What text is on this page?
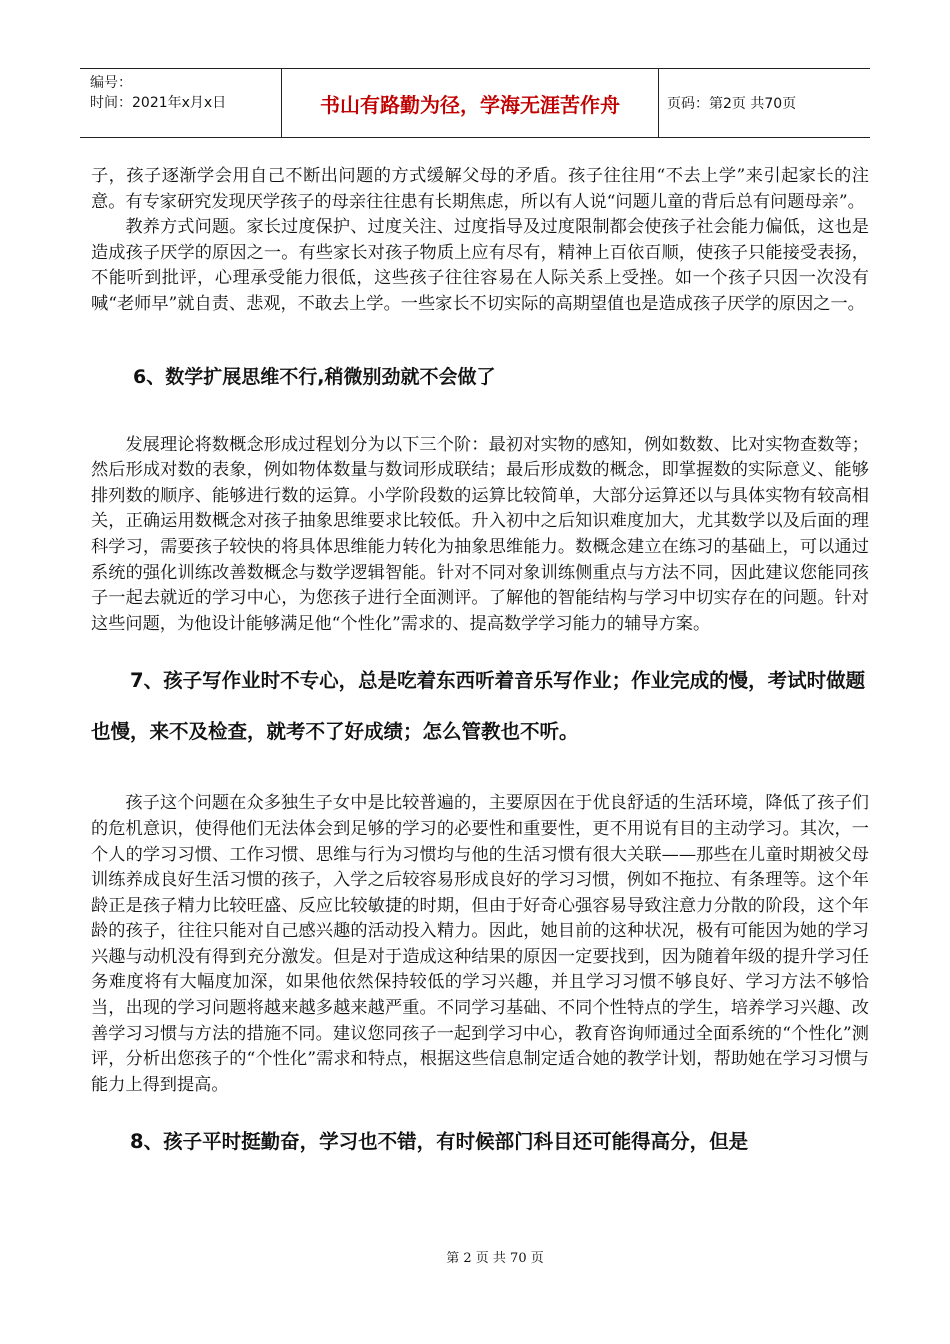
编号：
时间：2021年x月x日	书山有路勤为径，学海无涯苦作舟	页码：第2页 共70页

子，孩子逐渐学会用自己不断出问题的方式缓解父母的矛盾。孩子往往用“不去上学”来引起家长的注意。有专家研究发现厌学孩子的母亲往往患有长期焦虑，所以有人说“问题儿童的背后总有问题母亲”。

教养方式问题。家长过度保护、过度关注、过度指导及过度限制都会使孩子社会能力偏低，这也是造成孩子厌学的原因之一。有些家长对孩子物质上应有尽有，精神上百依百顺，使孩子只能接受表扬，不能听到批评，心理承受能力很低，这些孩子往往容易在人际关系上受挫。如一个孩子只因一次没有喊“老师早”就自责、悲观，不敢去上学。一些家长不切实际的高期望值也是造成孩子厌学的原因之一。

6、数学扩展思维不行,稍微别劲就不会做了

发展理论将数概念形成过程划分为以下三个阶：最初对实物的感知，例如数数、比对实物查数等；然后形成对数的表象，例如物体数量与数词形成联结；最后形成数的概念，即掌握数的实际意义、能够排列数的顺序、能够进行数的运算。小学阶段数的运算比较简单，大部分运算还以与具体实物有较高相关，正确运用数概念对孩子抽象思维要求比较低。升入初中之后知识难度加大，尤其数学以及后面的理科学习，需要孩子较快的将具体思维能力转化为抽象思维能力。数概念建立在练习的基础上，可以通过系统的强化训练改善数概念与数学逻辑智能。针对不同对象训练侧重点与方法不同，因此建议您能同孩子一起去就近的学习中心，为您孩子进行全面测评。了解他的智能结构与学习中切实存在的问题。针对这些问题，为他设计能够满足他“个性化”需求的、提高数学学习能力的辅导方案。

7、孩子写作业时不专心，总是吃着东西听着音乐写作业；作业完成的慢，考试时做题也慢，来不及检查，就考不了好成绩；怎么管教也不听。

孩子这个问题在众多独生子女中是比较普遍的，主要原因在于优良舒适的生活环境，降低了孩子们的危机意识，使得他们无法体会到足够的学习的必要性和重要性，更不用说有目的主动学习。其次，一个人的学习习惯、工作习惯、思维与行为习惯均与他的生活习惯有很大关联——那些在儿童时期被父母训练养成良好生活习惯的孩子，入学之后较容易形成良好的学习习惯，例如不拖拉、有条理等。这个年龄正是孩子精力比较旺盛、反应比较敏捷的时期，但由于好奇心强容易导致注意力分散的阶段，这个年龄的孩子，往往只能对自己感兴趣的活动投入精力。因此，她目前的这种状况，极有可能因为她的学习兴趣与动机没有得到充分激发。但是对于造成这种结果的原因一定要找到，因为随着年级的提升学习任务难度将有大幅度加深，如果他依然保持较低的学习兴趣，并且学习习惯不够良好、学习方法不够恰当，出现的学习问题将越来越多越来越严重。不同学习基础、不同个性特点的学生，培养学习兴趣、改善学习习惯与方法的措施不同。建议您同孩子一起到学习中心，教育咨询师通过全面系统的“个性化”测评，分析出您孩子的“个性化”需求和特点，根据这些信息制定适合她的教学计划，帮助她在学习习惯与能力上得到提高。

8、孩子平时挺勤奋，学习也不错，有时候部门科目还可能得高分，但是
第 2 页 共 70 页
